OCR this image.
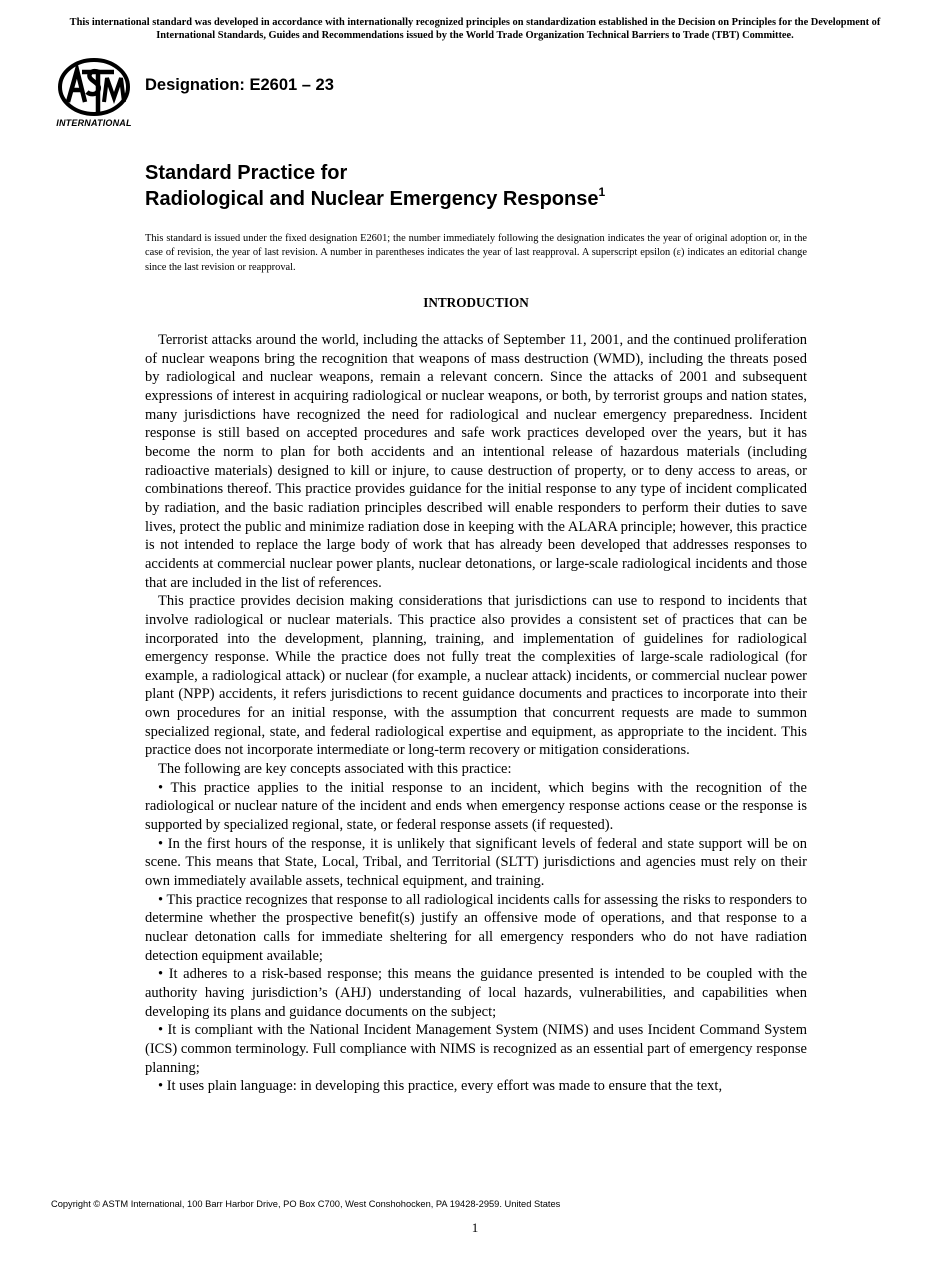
This international standard was developed in accordance with internationally recognized principles on standardization established in the Decision on Principles for the Development of International Standards, Guides and Recommendations issued by the World Trade Organization Technical Barriers to Trade (TBT) Committee.
INTERNATIONAL
Designation: E2601 – 23
Standard Practice for
Radiological and Nuclear Emergency Response$^1$
This standard is issued under the fixed designation E2601; the number immediately following the designation indicates the year of original adoption or, in the case of revision, the year of last revision. A number in parentheses indicates the year of last reapproval. A superscript epsilon (ε) indicates an editorial change since the last revision or reapproval.
INTRODUCTION

Terrorist attacks around the world, including the attacks of September 11, 2001, and the continued proliferation of nuclear weapons bring the recognition that weapons of mass destruction (WMD), including the threats posed by radiological and nuclear weapons, remain a relevant concern. Since the attacks of 2001 and subsequent expressions of interest in acquiring radiological or nuclear weapons, or both, by terrorist groups and nation states, many jurisdictions have recognized the need for radiological and nuclear emergency preparedness. Incident response is still based on accepted procedures and safe work practices developed over the years, but it has become the norm to plan for both accidents and an intentional release of hazardous materials (including radioactive materials) designed to kill or injure, to cause destruction of property, or to deny access to areas, or combinations thereof. This practice provides guidance for the initial response to any type of incident complicated by radiation, and the basic radiation principles described will enable responders to perform their duties to save lives, protect the public and minimize radiation dose in keeping with the ALARA principle; however, this practice is not intended to replace the large body of work that has already been developed that addresses responses to accidents at commercial nuclear power plants, nuclear detonations, or large-scale radiological incidents and those that are included in the list of references.

This practice provides decision making considerations that jurisdictions can use to respond to incidents that involve radiological or nuclear materials. This practice also provides a consistent set of practices that can be incorporated into the development, planning, training, and implementation of guidelines for radiological emergency response. While the practice does not fully treat the complexities of large-scale radiological (for example, a radiological attack) or nuclear (for example, a nuclear attack) incidents, or commercial nuclear power plant (NPP) accidents, it refers jurisdictions to recent guidance documents and practices to incorporate into their own procedures for an initial response, with the assumption that concurrent requests are made to summon specialized regional, state, and federal radiological expertise and equipment, as appropriate to the incident. This practice does not incorporate intermediate or long-term recovery or mitigation considerations.

The following are key concepts associated with this practice:

• This practice applies to the initial response to an incident, which begins with the recognition of the radiological or nuclear nature of the incident and ends when emergency response actions cease or the response is supported by specialized regional, state, or federal response assets (if requested).

• In the first hours of the response, it is unlikely that significant levels of federal and state support will be on scene. This means that State, Local, Tribal, and Territorial (SLTT) jurisdictions and agencies must rely on their own immediately available assets, technical equipment, and training.

• This practice recognizes that response to all radiological incidents calls for assessing the risks to responders to determine whether the prospective benefit(s) justify an offensive mode of operations, and that response to a nuclear detonation calls for immediate sheltering for all emergency responders who do not have radiation detection equipment available;

• It adheres to a risk-based response; this means the guidance presented is intended to be coupled with the authority having jurisdiction’s (AHJ) understanding of local hazards, vulnerabilities, and capabilities when developing its plans and guidance documents on the subject;

• It is compliant with the National Incident Management System (NIMS) and uses Incident Command System (ICS) common terminology. Full compliance with NIMS is recognized as an essential part of emergency response planning;

• It uses plain language: in developing this practice, every effort was made to ensure that the text,

Copyright © ASTM International, 100 Barr Harbor Drive, PO Box C700, West Conshohocken, PA 19428-2959. United States
1
